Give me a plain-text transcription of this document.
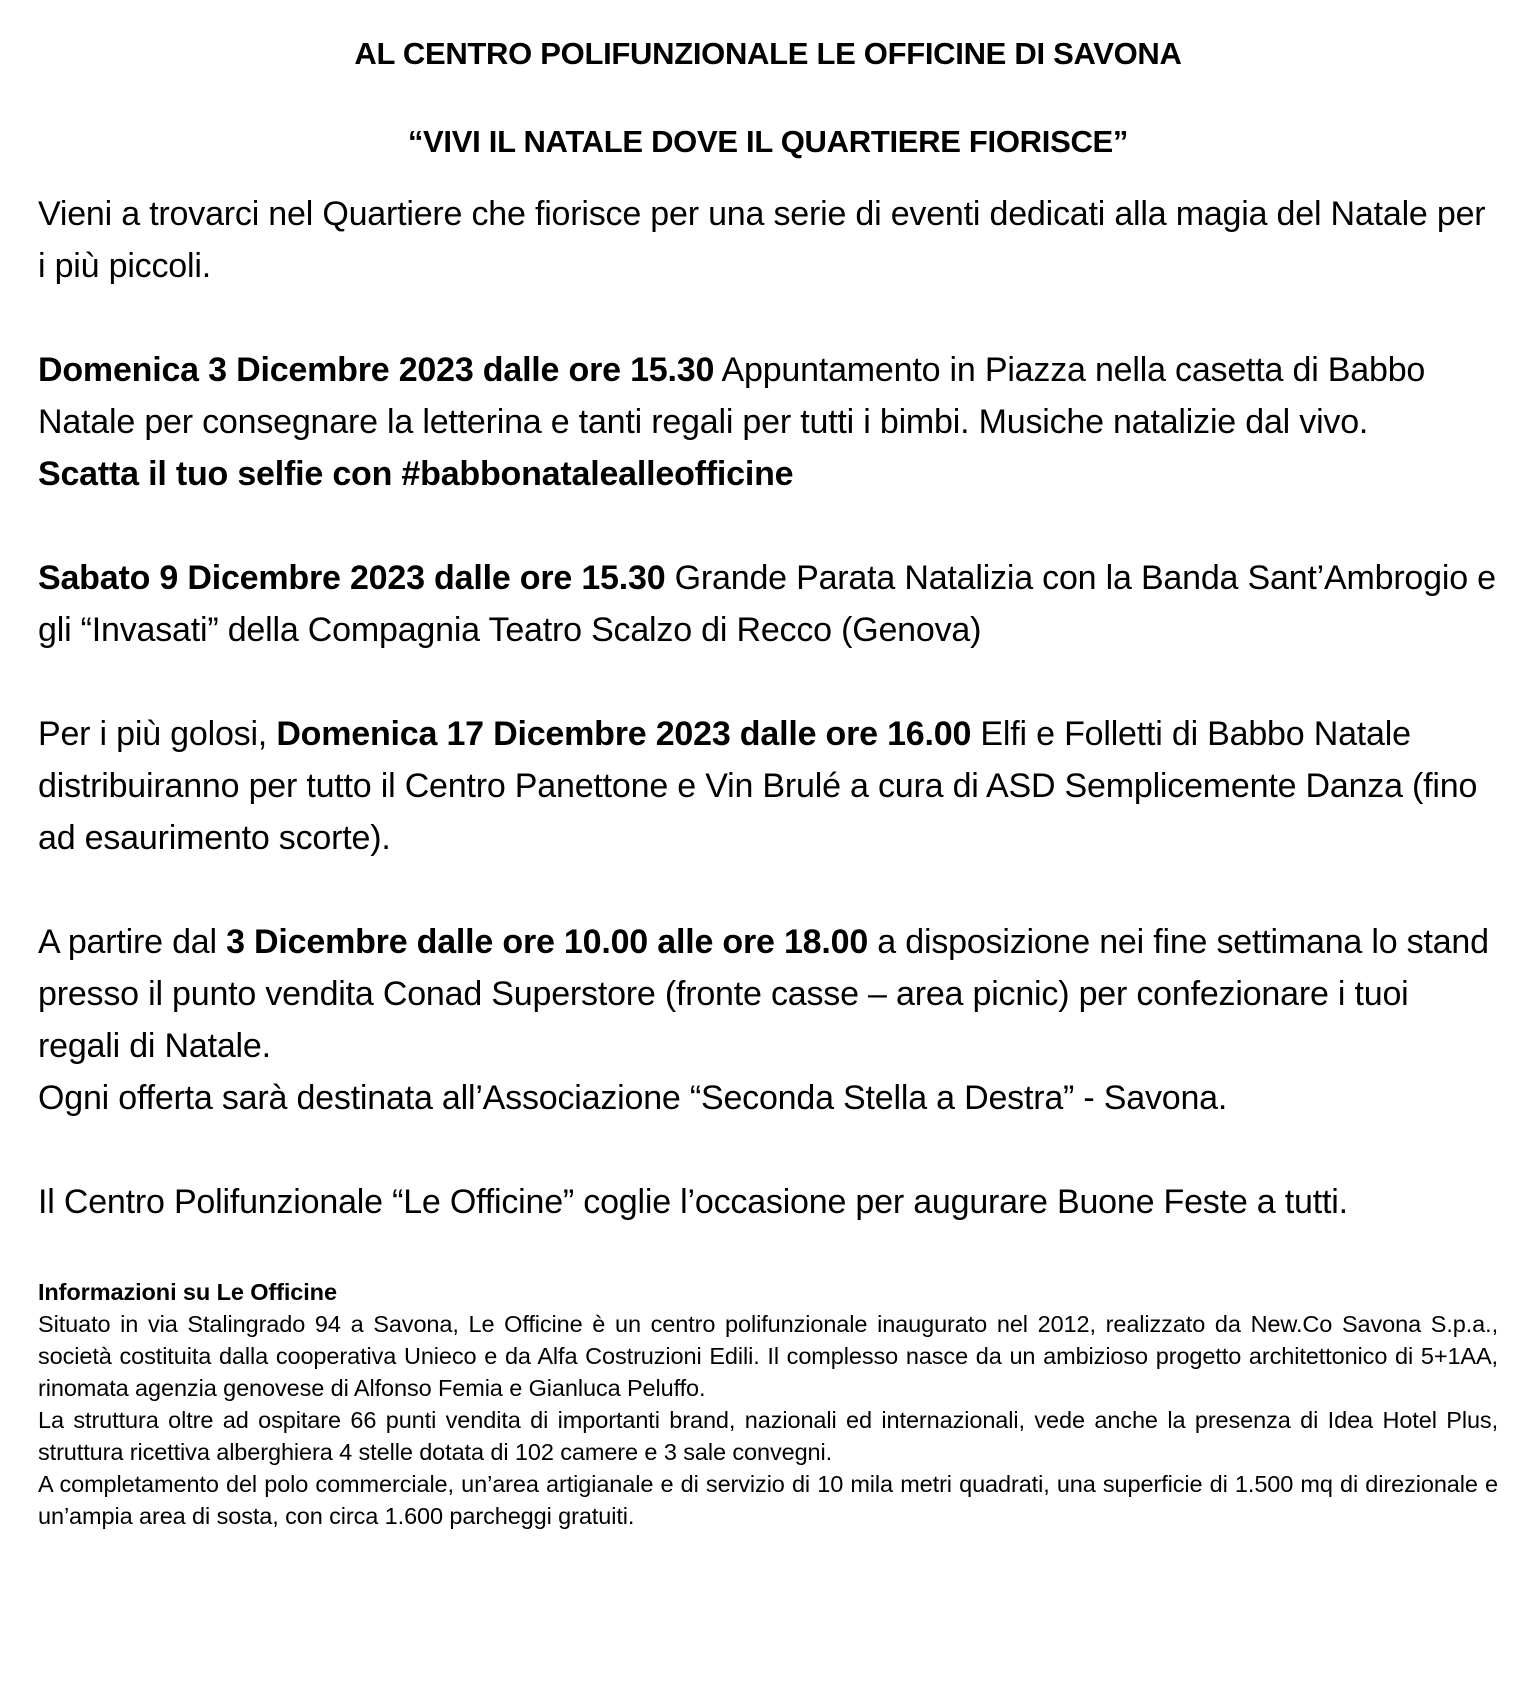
AL CENTRO POLIFUNZIONALE LE OFFICINE DI SAVONA
“VIVI IL NATALE DOVE IL QUARTIERE FIORISCE”

Vieni a trovarci nel Quartiere che fiorisce per una serie di eventi dedicati alla magia del Natale per i più piccoli.

Domenica 3 Dicembre 2023 dalle ore 15.30 Appuntamento in Piazza nella casetta di Babbo Natale per consegnare la letterina e tanti regali per tutti i bimbi. Musiche natalizie dal vivo.

Scatta il tuo selfie con #babbonatalealleofficine

Sabato 9 Dicembre 2023 dalle ore 15.30 Grande Parata Natalizia con la Banda Sant’Ambrogio e gli “Invasati” della Compagnia Teatro Scalzo di Recco (Genova)

Per i più golosi, Domenica 17 Dicembre 2023 dalle ore 16.00 Elfi e Folletti di Babbo Natale distribuiranno per tutto il Centro Panettone e Vin Brulé a cura di ASD Semplicemente Danza (fino ad esaurimento scorte).

A partire dal 3 Dicembre dalle ore 10.00 alle ore 18.00 a disposizione nei fine settimana lo stand presso il punto vendita Conad Superstore (fronte casse – area picnic) per confezionare i tuoi regali di Natale.

Ogni offerta sarà destinata all’Associazione “Seconda Stella a Destra” - Savona.

Il Centro Polifunzionale “Le Officine” coglie l’occasione per augurare Buone Feste a tutti.

Informazioni su Le Officine

Situato in via Stalingrado 94 a Savona, Le Officine è un centro polifunzionale inaugurato nel 2012, realizzato da New.Co Savona S.p.a., società costituita dalla cooperativa Unieco e da Alfa Costruzioni Edili. Il complesso nasce da un ambizioso progetto architettonico di 5+1AA, rinomata agenzia genovese di Alfonso Femia e Gianluca Peluffo.

La struttura oltre ad ospitare 66 punti vendita di importanti brand, nazionali ed internazionali, vede anche la presenza di Idea Hotel Plus, struttura ricettiva alberghiera 4 stelle dotata di 102 camere e 3 sale convegni.

A completamento del polo commerciale, un’area artigianale e di servizio di 10 mila metri quadrati, una superficie di 1.500 mq di direzionale e un’ampia area di sosta, con circa 1.600 parcheggi gratuiti.
